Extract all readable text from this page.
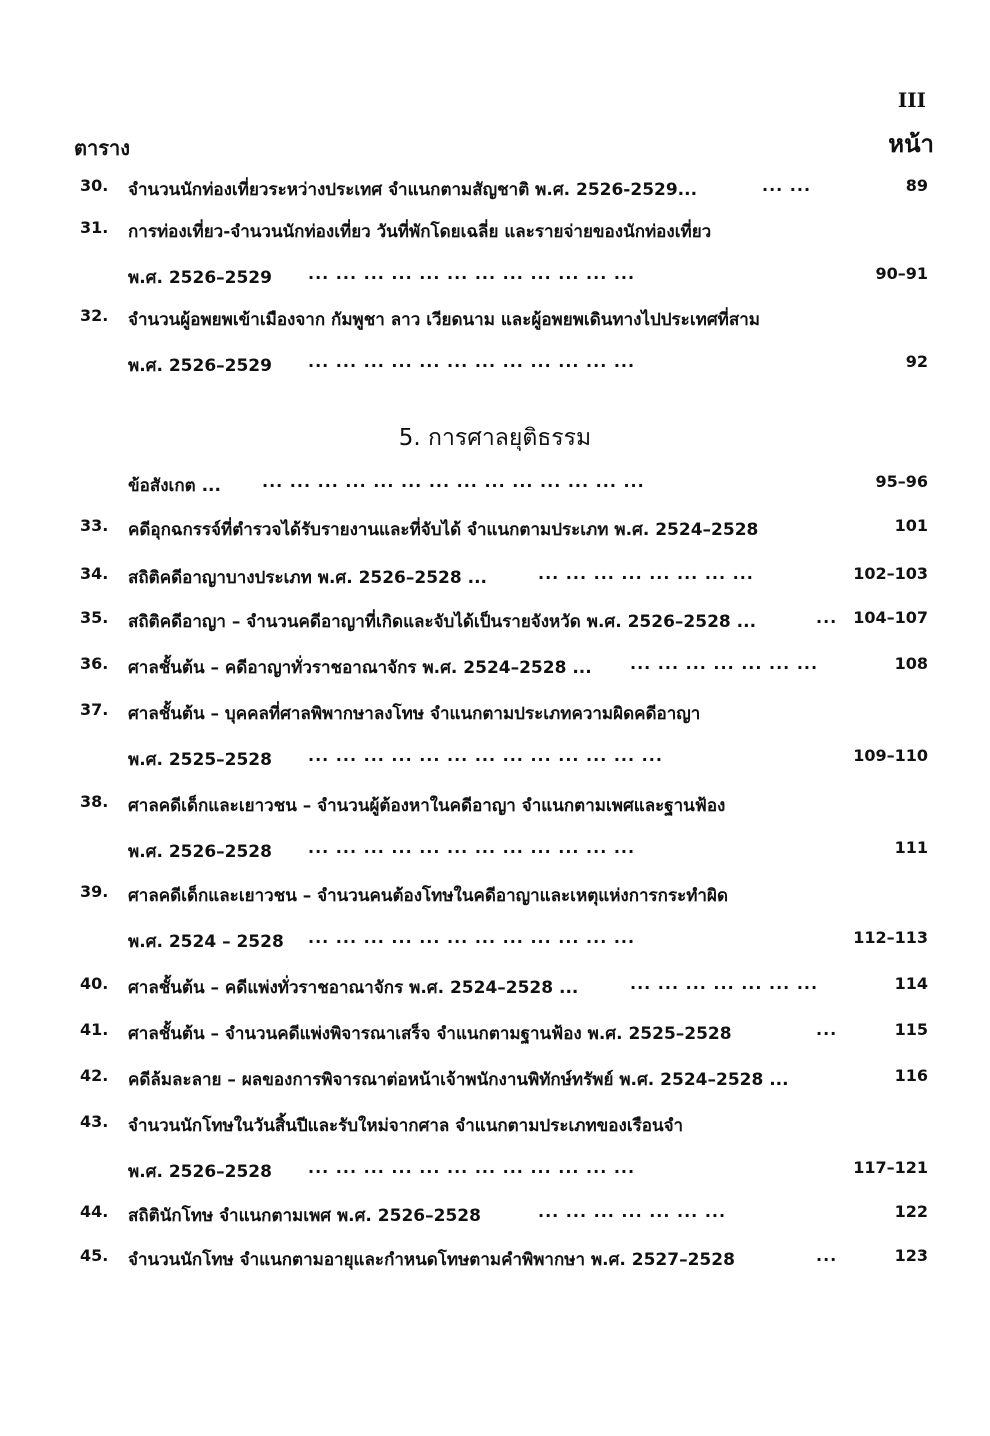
III
ตาราง	หน้า
30.	จำนวนนักท่องเที่ยวระหว่างประเทศ จำแนกตามสัญชาติ พ.ศ. 2526-2529...	... ...	89
31.	การท่องเที่ยว-จำนวนนักท่องเที่ยว วันที่พักโดยเฉลี่ย และรายจ่ายของนักท่องเที่ยว
พ.ศ. 2526–2529 ... ... ... ... ... ... ... ... ... ... ... ...	90–91
32.	จำนวนผู้อพยพเข้าเมืองจาก กัมพูชา ลาว เวียดนาม และผู้อพยพเดินทางไปประเทศที่สาม
พ.ศ. 2526–2529 ... ... ... ... ... ... ... ... ... ... ... ...	92
5. การศาลยุติธรรม
ข้อสังเกต ...	... ... ... ... ... ... ... ... ... ... ... ... ... ...	95–96
33.	คดีอุกฉกรรจ์ที่ตำรวจได้รับรายงานและที่จับได้ จำแนกตามประเภท พ.ศ. 2524–2528	101
34.	สถิติคดีอาญาบางประเภท พ.ศ. 2526–2528 ...	... ... ... ... ... ... ... ...	102–103
35.	สถิติคดีอาญา – จำนวนคดีอาญาที่เกิดและจับได้เป็นรายจังหวัด พ.ศ. 2526–2528 ...	... 104–107
36.	ศาลชั้นต้น – คดีอาญาทั่วราชอาณาจักร พ.ศ. 2524–2528 ... ... ... ... ... ... ... ...	108
37.	ศาลชั้นต้น – บุคคลที่ศาลพิพากษาลงโทษ จำแนกตามประเภทความผิดคดีอาญา
พ.ศ. 2525–2528 ... ... ... ... ... ... ... ... ... ... ... ... ...	109–110
38.	ศาลคดีเด็กและเยาวชน – จำนวนผู้ต้องหาในคดีอาญา จำแนกตามเพศและฐานฟ้อง
พ.ศ. 2526–2528 ... ... ... ... ... ... ... ... ... ... ... ...	111
39.	ศาลคดีเด็กและเยาวชน – จำนวนคนต้องโทษในคดีอาญาและเหตุแห่งการกระทำผิด
พ.ศ. 2524 – 2528 ... ... ... ... ... ... ... ... ... ... ... ...	112–113
40.	ศาลชั้นต้น – คดีแพ่งทั่วราชอาณาจักร พ.ศ. 2524–2528 ...	... ... ... ... ... ... ...	114
41.	ศาลชั้นต้น – จำนวนคดีแพ่งพิจารณาเสร็จ จำแนกตามฐานฟ้อง พ.ศ. 2525–2528	...	115
42.	คดีล้มละลาย – ผลของการพิจารณาต่อหน้าเจ้าพนักงานพิทักษ์ทรัพย์ พ.ศ. 2524–2528 ...	116
43.	จำนวนนักโทษในวันสิ้นปีและรับใหม่จากศาล จำแนกตามประเภทของเรือนจำ
พ.ศ. 2526–2528 ... ... ... ... ... ... ... ... ... ... ... ...	117–121
44.	สถิตินักโทษ จำแนกตามเพศ พ.ศ. 2526–2528	... ... ... ... ... ... ...	122
45.	จำนวนนักโทษ จำแนกตามอายุและกำหนดโทษตามคำพิพากษา พ.ศ. 2527–2528	...	123
